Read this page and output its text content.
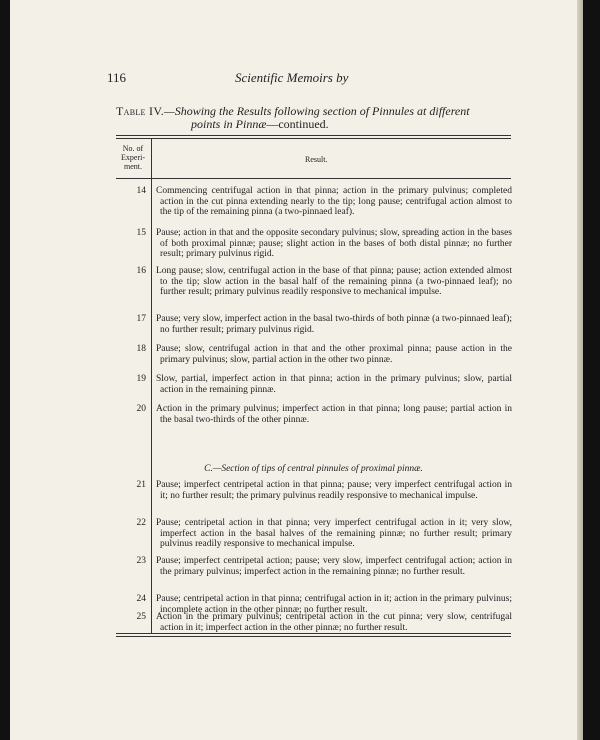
116	Scientific Memoirs by
Table IV.—Showing the Results following section of Pinnules at different
points in Pinnæ—continued.
No. of Experi- ment.
Result.
14	Commencing centrifugal action in that pinna; action in the primary pulvinus; completed action in the cut pinna extending nearly to the tip; long pause; centrifugal action almost to the tip of the remaining pinna (a two-pinnaed leaf).
15	Pause; action in that and the opposite secondary pulvinus; slow, spreading action in the bases of both proximal pinnæ; pause; slight action in the bases of both distal pinnæ; no further result; primary pulvinus rigid.
16	Long pause; slow, centrifugal action in the base of that pinna; pause; action extended almost to the tip; slow action in the basal half of the remaining pinna (a two-pinnaed leaf); no further result; primary pulvinus readily responsive to mechanical impulse.
17	Pause; very slow, imperfect action in the basal two-thirds of both pinnæ (a two-pinnaed leaf); no further result; primary pulvinus rigid.
18	Pause; slow, centrifugal action in that and the other proximal pinna; pause action in the primary pulvinus; slow, partial action in the other two pinnæ.
19	Slow, partial, imperfect action in that pinna; action in the primary pulvinus; slow, partial action in the remaining pinnæ.
20	Action in the primary pulvinus; imperfect action in that pinna; long pause; partial action in the basal two-thirds of the other pinnæ.
C.—Section of tips of central pinnules of proximal pinnæ.
21	Pause; imperfect centripetal action in that pinna; pause; very imperfect centrifugal action in it; no further result; the primary pulvinus readily responsive to mechanical impulse.
22	Pause; centripetal action in that pinna; very imperfect centrifugal action in it; very slow, imperfect action in the basal halves of the remaining pinnæ; no further result; primary pulvinus readily responsive to mechanical impulse.
23	Pause; imperfect centripetal action; pause; very slow, imperfect centrifugal action; action in the primary pulvinus; imperfect action in the remaining pinnæ; no further result.
24	Pause; centripetal action in that pinna; centrifugal action in it; action in the primary pulvinus; incomplete action in the other pinnæ; no further result.
25	Action in the primary pulvinus; centripetal action in the cut pinna; very slow, centrifugal action in it; imperfect action in the other pinnæ; no further result.
